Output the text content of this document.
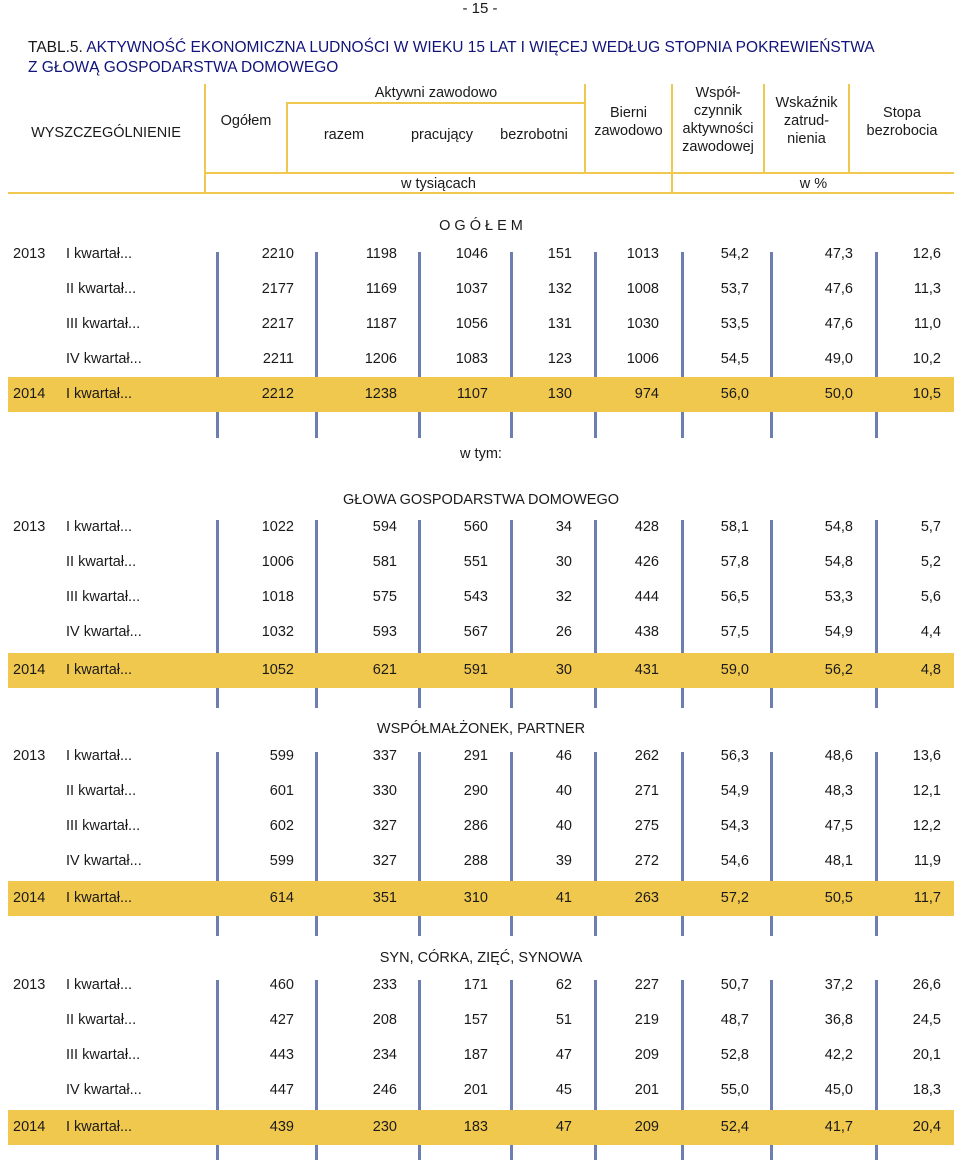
- 15 -
TABL.5. AKTYWNOŚĆ EKONOMICZNA LUDNOŚCI W WIEKU 15 LAT I WIĘCEJ WEDŁUG STOPNIA POKREWIEŃSTWA
Z GŁOWĄ GOSPODARSTWA DOMOWEGO
WYSZCZEGÓLNIENIE
Ogółem
Aktywni zawodowo
razem	pracujący	bezrobotni
Bierni
zawodowo
Współ-
czynnik
aktywności
zawodowej
Wskaźnik
zatrud-
nienia
Stopa
bezrobocia
w tysiącach	w %
O G Ó Ł E M
2013 I kwartał...	2210	1198	1046	151	1013	54,2	47,3	12,6
II kwartał...	2177	1169	1037	132	1008	53,7	47,6	11,3
III kwartał...	2217	1187	1056	131	1030	53,5	47,6	11,0
IV kwartał...	2211	1206	1083	123	1006	54,5	49,0	10,2
2014 I kwartał...	2212	1238	1107	130	974	56,0	50,0	10,5
w tym:
GŁOWA GOSPODARSTWA DOMOWEGO
2013 I kwartał...	1022	594	560	34	428	58,1	54,8	5,7
II kwartał...	1006	581	551	30	426	57,8	54,8	5,2
III kwartał...	1018	575	543	32	444	56,5	53,3	5,6
IV kwartał...	1032	593	567	26	438	57,5	54,9	4,4
2014 I kwartał...	1052	621	591	30	431	59,0	56,2	4,8
WSPÓŁMAŁŻONEK, PARTNER
2013 I kwartał...	599	337	291	46	262	56,3	48,6	13,6
II kwartał...	601	330	290	40	271	54,9	48,3	12,1
III kwartał...	602	327	286	40	275	54,3	47,5	12,2
IV kwartał...	599	327	288	39	272	54,6	48,1	11,9
2014 I kwartał...	614	351	310	41	263	57,2	50,5	11,7
SYN, CÓRKA, ZIĘĆ, SYNOWA
2013 I kwartał...	460	233	171	62	227	50,7	37,2	26,6
II kwartał...	427	208	157	51	219	48,7	36,8	24,5
III kwartał...	443	234	187	47	209	52,8	42,2	20,1
IV kwartał...	447	246	201	45	201	55,0	45,0	18,3
2014 I kwartał...	439	230	183	47	209	52,4	41,7	20,4
